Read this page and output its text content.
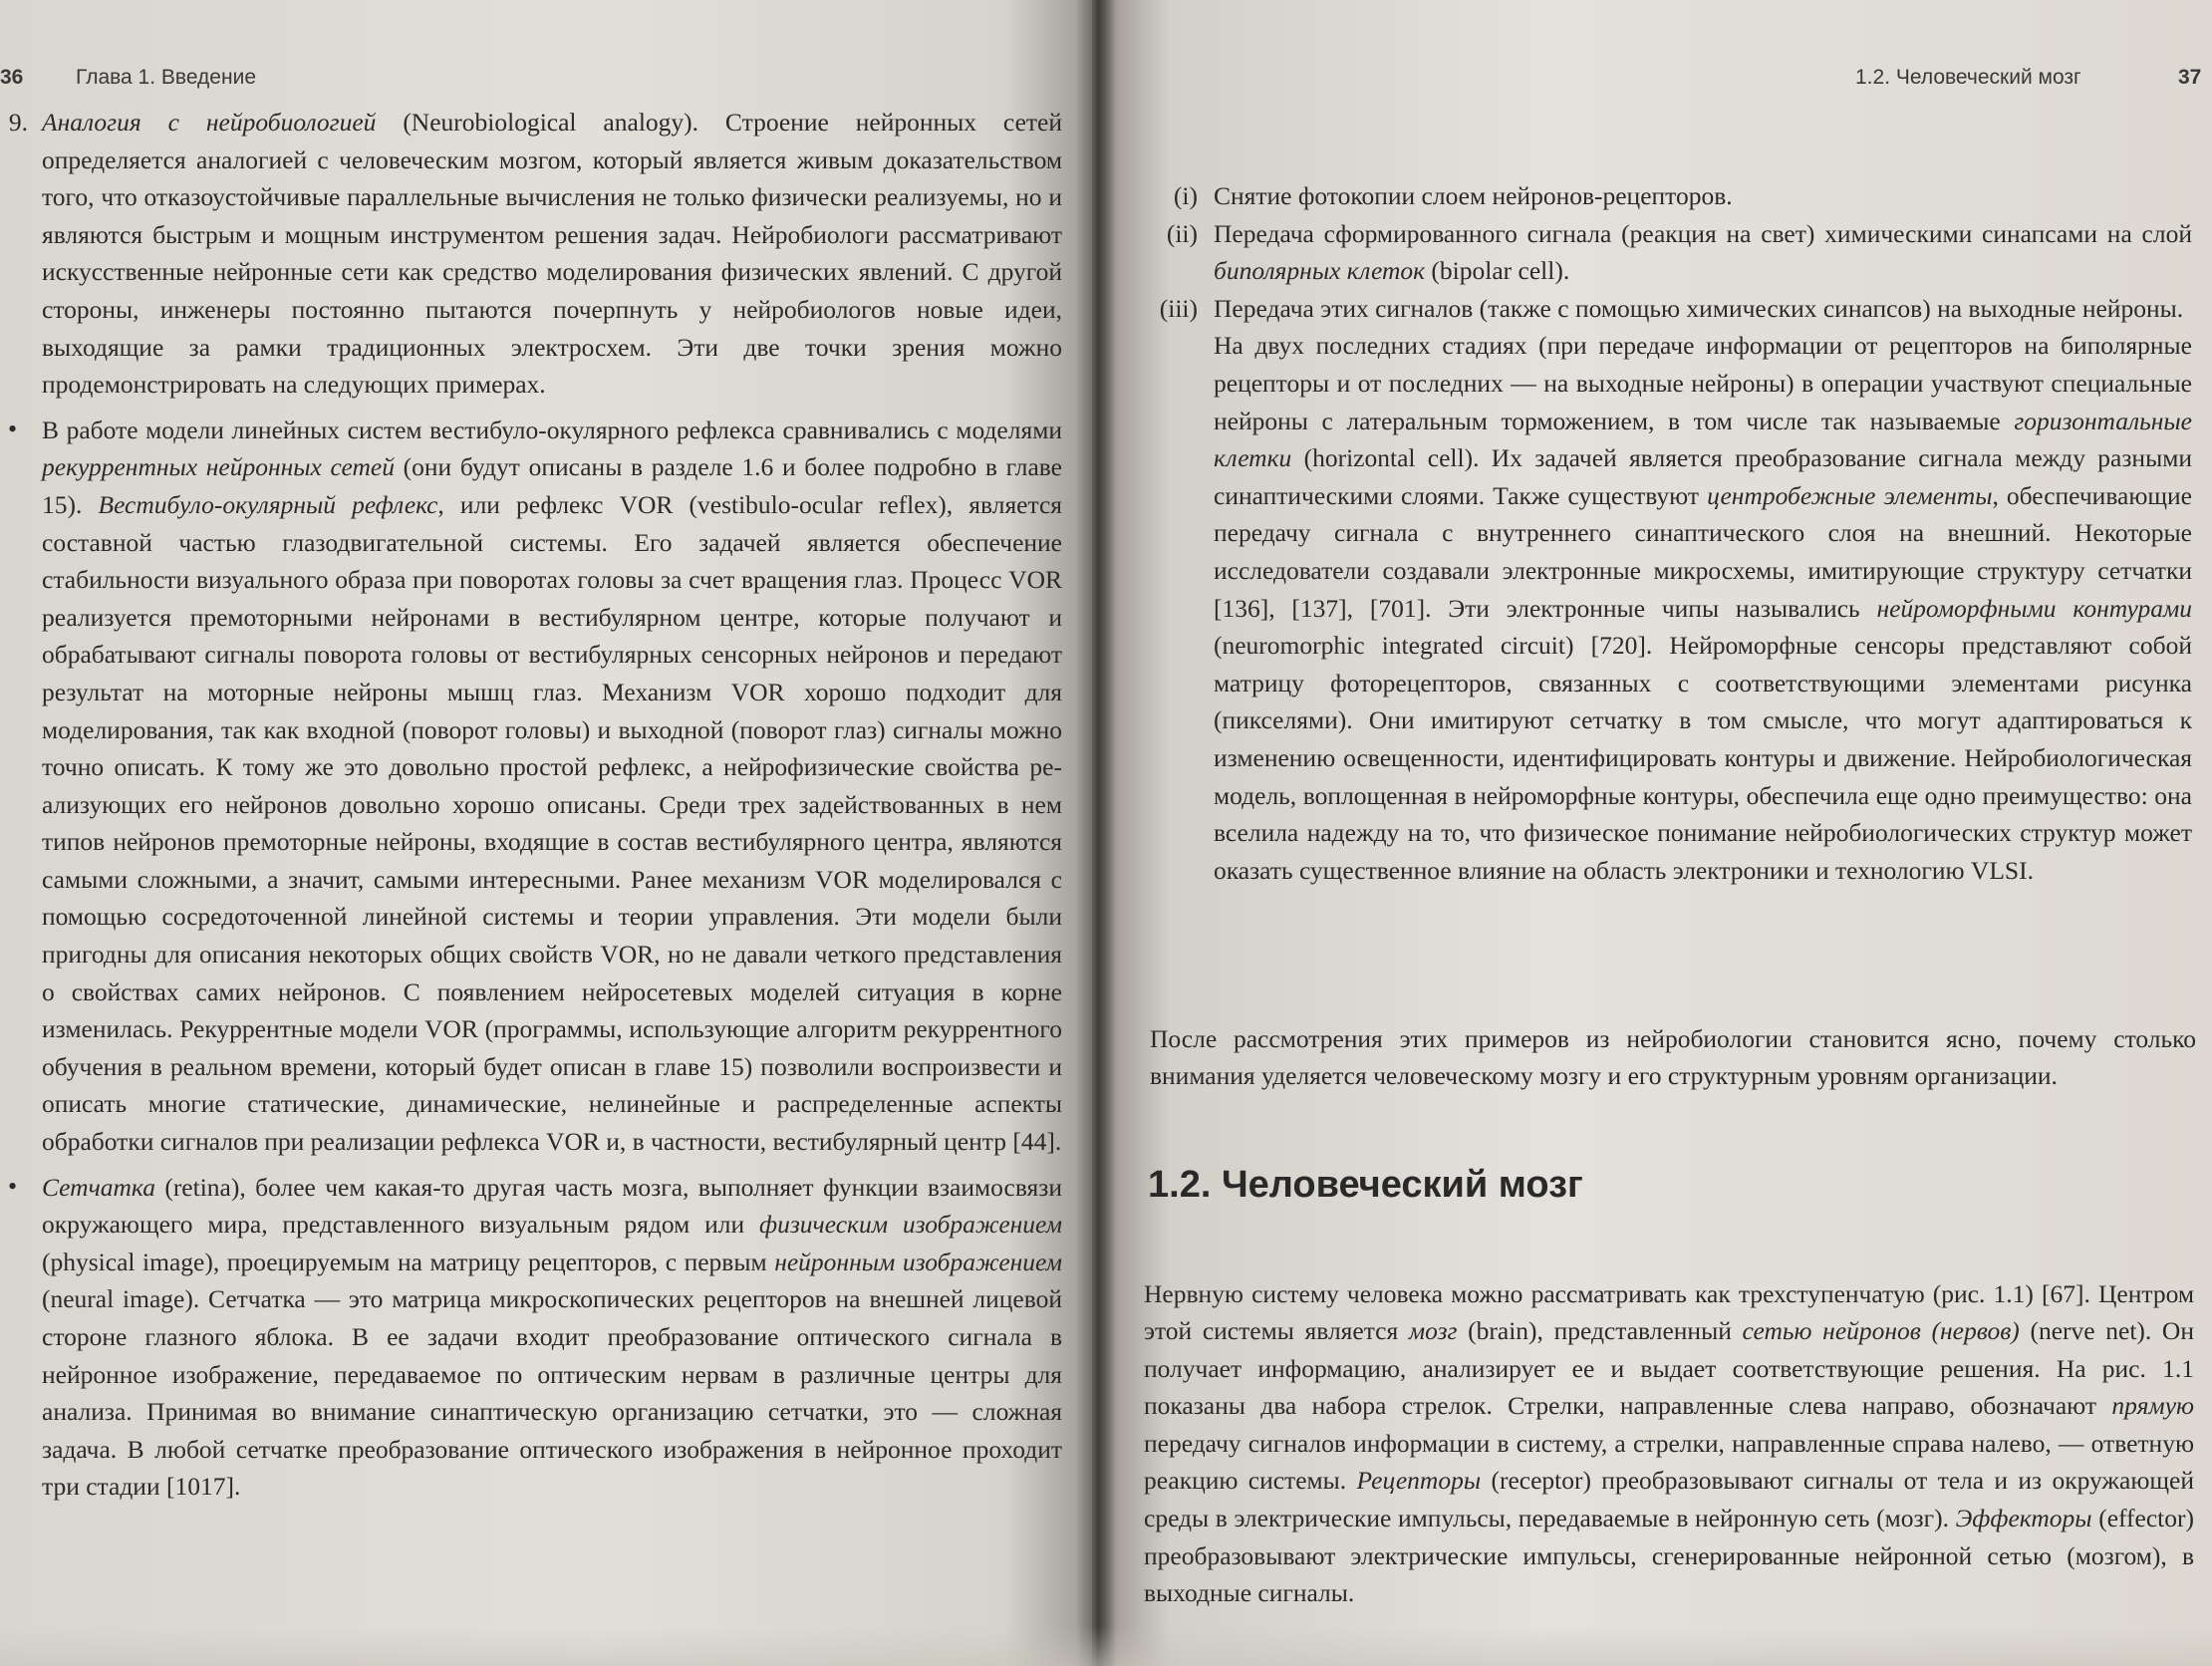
36	Глава 1. Введение

9. Аналогия с нейробиологией (Neurobiological analogy). Строение нейронных сетей определяется аналогией с человеческим мозгом, который является живым доказательством того, что отказоустойчивые параллельные вычисления не только физически реализуемы, но и являются быстрым и мощным инструментом решения задач. Нейробиологи рассматривают искусственные нейронные сети как средство моделирования физических явлений. С другой стороны, инженеры постоянно пытаются почерпнуть у нейробиологов новые идеи, выходящие за рамки традиционных электросхем. Эти две точки зрения можно продемонстрировать на следующих примерах.

• В работе модели линейных систем вестибуло-окулярного рефлекса сравнивались с моделями рекуррентных нейронных сетей (они будут описаны в разделе 1.6 и более подробно в главе 15). Вестибуло-окулярный рефлекс, или рефлекс VOR (vestibulo-ocular reflex), является составной частью глазодвигательной системы. Его задачей является обеспечение стабильности визуального образа при поворотах головы за счет вращения глаз. Процесс VOR реализуется премоторными нейронами в вестибулярном центре, которые получают и обрабатывают сигналы поворота головы от вестибулярных сенсорных нейронов и передают результат на моторные нейроны мышц глаз. Механизм VOR хорошо подходит для моделирования, так как входной (поворот головы) и выходной (поворот глаз) сигналы можно точно описать. К тому же это довольно простой рефлекс, а нейрофизические свойства реализующих его нейронов довольно хорошо описаны. Среди трех задействованных в нем типов нейронов премоторные нейроны, входящие в состав вестибулярного центра, являются самыми сложными, а значит, самыми интересными. Ранее механизм VOR моделировался с помощью сосредоточенной линейной системы и теории управления. Эти модели были пригодны для описания некоторых общих свойств VOR, но не давали четкого представления о свойствах самих нейронов. С появлением нейросетевых моделей ситуация в корне изменилась. Рекуррентные модели VOR (программы, использующие алгоритм рекуррентного обучения в реальном времени, который будет описан в главе 15) позволили воспроизвести и описать многие статические, динамические, нелинейные и распределенные аспекты обработки сигналов при реализации рефлекса VOR и, в частности, вестибулярный центр [44].

• Сетчатка (retina), более чем какая-то другая часть мозга, выполняет функции взаимосвязи окружающего мира, представленного визуальным рядом или физическим изображением (physical image), проецируемым на матрицу рецепторов, с первым нейронным изображением (neural image). Сетчатка — это матрица микроскопических рецепторов на внешней лицевой стороне глазного яблока. В ее задачи входит преобразование оптического сигнала в нейронное изображение, передаваемое по оптическим нервам в различные центры для анализа. Принимая во внимание синаптическую организацию сетчатки, это — сложная задача. В любой сетчатке преобразование оптического изображения в нейронное проходит три стадии [1017].

1.2. Человеческий мозг	37

(i) Снятие фотокопии слоем нейронов-рецепторов.

(ii) Передача сформированного сигнала (реакция на свет) химическими синапсами на слой биполярных клеток (bipolar cell).

(iii) Передача этих сигналов (также с помощью химических синапсов) на выходные нейроны.

На двух последних стадиях (при передаче информации от рецепторов на биполярные рецепторы и от последних — на выходные нейроны) в операции участвуют специальные нейроны с латеральным торможением, в том числе так называемые горизонтальные клетки (horizontal cell). Их задачей является преобразование сигнала между разными синаптическими слоями. Также существуют центробежные элементы, обеспечивающие передачу сигнала с внутреннего синаптического слоя на внешний. Некоторые исследователи создавали электронные микросхемы, имитирующие структуру сетчатки [136], [137], [701]. Эти электронные чипы назывались нейроморфными контурами (neuromorphic integrated circuit) [720]. Нейроморфные сенсоры представляют собой матрицу фоторецепторов, связанных с соответствующими элементами рисунка (пикселями). Они имитируют сетчатку в том смысле, что могут адаптироваться к изменению освещенности, идентифицировать контуры и движение. Нейробиологическая модель, воплощенная в нейроморфные контуры, обеспечила еще одно преимущество: она вселила надежду на то, что физическое понимание нейробиологических структур может оказать существенное влияние на область электроники и технологию VLSI.

После рассмотрения этих примеров из нейробиологии становится ясно, почему столько внимания уделяется человеческому мозгу и его структурным уровням организации.

1.2. Человеческий мозг

Нервную систему человека можно рассматривать как трехступенчатую (рис. 1.1) [67]. Центром этой системы является мозг (brain), представленный сетью нейронов (нервов) (nerve net). Он получает информацию, анализирует ее и выдает соответствующие решения. На рис. 1.1 показаны два набора стрелок. Стрелки, направленные слева направо, обозначают прямую передачу сигналов информации в систему, а стрелки, направленные справа налево, — ответную реакцию системы. Рецепторы (receptor) преобразовывают сигналы от тела и из окружающей среды в электрические импульсы, передаваемые в нейронную сеть (мозг). Эффекторы (effector) преобразовывают электрические импульсы, сгенерированные нейронной сетью (мозгом), в выходные сигналы.
